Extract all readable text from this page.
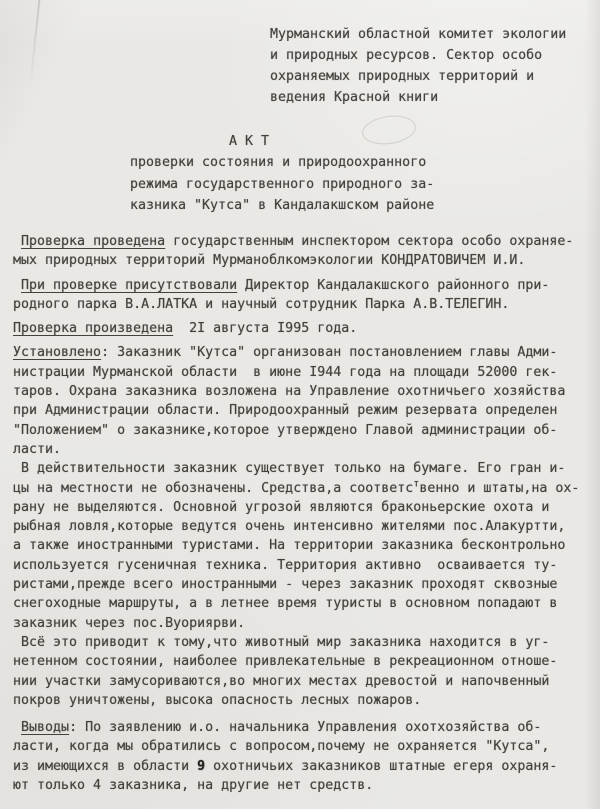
Мурманский областной комитет экологии
и природных ресурсов. Сектор особо
охраняемых природных территорий и
ведения Красной книги
А К Т
проверки состояния и природоохранного
режима государственного природного за-
казника "Кутса" в Кандалакшском районе
Проверка проведена государственным инспектором сектора особо охраняе-
мых природных территорий Мурманоблкомэкологии КОНДРАТОВИЧЕМ И.И.
При проверке присутствовали Директор Кандалакшского районного при-
родного парка В.А.ЛАТКА и научный сотрудник Парка А.В.ТЕЛЕГИН.
Проверка произведена  2I августа I995 года.
Установлено: Заказник "Кутса" организован постановлением главы Адми-
нистрации Мурманской области  в июне I944 года на площади 52000 гек-
таров. Охрана заказника возложена на Управление охотничьего хозяйства
при Администрации области. Природоохранный режим резервата определен
"Положением" о заказнике,которое утверждено Главой администрации об-
ласти.
В действительности заказник существует только на бумаге. Его гран и-
цы на местности не обозначены. Средства,а соответс$^т$венно и штаты,на ох-
рану не выделяются. Основной угрозой являются браконьерские охота и
рыбная ловля,которые ведутся очень интенсивно жителями пос.Алакуртти,
а также иностранными туристами. На территории заказника бесконтрольно
используется гусеничная техника. Территория активно  осваивается ту-
ристами,прежде всего иностранными - через заказник проходят сквозные
снегоходные маршруты, а в летнее время туристы в основном попадают в
заказник через пос.Вуориярви.
Всё это приводит к тому,что животный мир заказника находится в уг-
нетенном состоянии, наиболее привлекательные в рекреационном отноше-
нии участки замусориваются,во многих местах древостой и напочвенный
покров уничтожены, высока опасность лесных пожаров.
Выводы: По заявлению и.о. начальника Управления охотхозяйства об-
ласти, когда мы обратились с вопросом,почему не охраняется "Кутса",
из имеющихся в области 9 охотничьих заказников штатные егеря охраня-
ют только 4 заказника, на другие нет средств.
